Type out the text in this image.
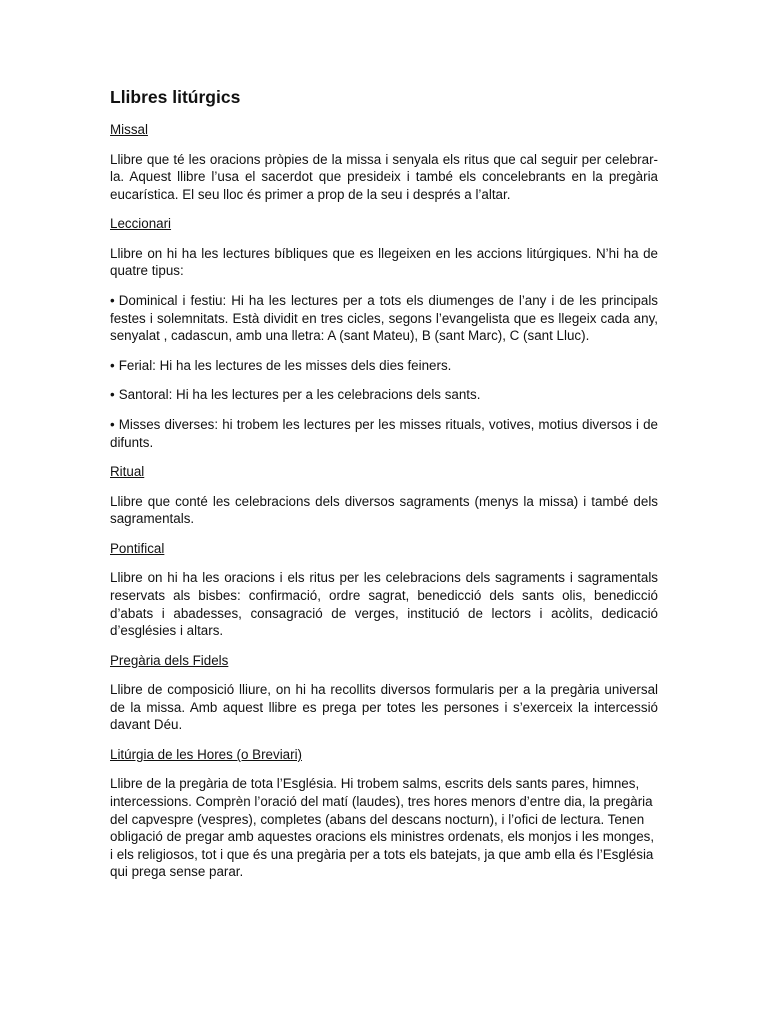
Llibres litúrgics
Missal

Llibre que té les oracions pròpies de la missa i senyala els ritus que cal seguir per celebrar-la. Aquest llibre l’usa el sacerdot que presideix i també els concelebrants en la pregària eucarística. El seu lloc és primer a prop de la seu i després a l’altar.

Leccionari

Llibre on hi ha les lectures bíbliques que es llegeixen en les accions litúrgiques. N’hi ha de quatre tipus:

• Dominical i festiu: Hi ha les lectures per a tots els diumenges de l’any i de les principals festes i solemnitats. Està dividit en tres cicles, segons l’evangelista que es llegeix cada any, senyalat , cadascun, amb una lletra: A (sant Mateu), B (sant Marc), C (sant Lluc).

• Ferial: Hi ha les lectures de les misses dels dies feiners.

• Santoral: Hi ha les lectures per a les celebracions dels sants.

• Misses diverses: hi trobem les lectures per les misses rituals, votives, motius diversos i de difunts.

Ritual

Llibre que conté les celebracions dels diversos sagraments (menys la missa) i també dels sagramentals.

Pontifical

Llibre on hi ha les oracions i els ritus per les celebracions dels sagraments i sagramentals reservats als bisbes: confirmació, ordre sagrat, benedicció dels sants olis, benedicció d’abats i abadesses, consagració de verges, institució de lectors i acòlits, dedicació d’esglésies i altars.

Pregària dels Fidels

Llibre de composició lliure, on hi ha recollits diversos formularis per a la pregària universal de la missa. Amb aquest llibre es prega per totes les persones i s’exerceix la intercessió davant Déu.

Litúrgia de les Hores (o Breviari)

Llibre de la pregària de tota l’Església. Hi trobem salms, escrits dels sants pares, himnes, intercessions. Comprèn l’oració del matí (laudes), tres hores menors d’entre dia, la pregària del capvespre (vespres), completes (abans del descans nocturn), i l’ofici de lectura. Tenen obligació de pregar amb aquestes oracions els ministres ordenats, els monjos i les monges, i els religiosos, tot i que és una pregària per a tots els batejats, ja que amb ella és l’Església qui prega sense parar.
